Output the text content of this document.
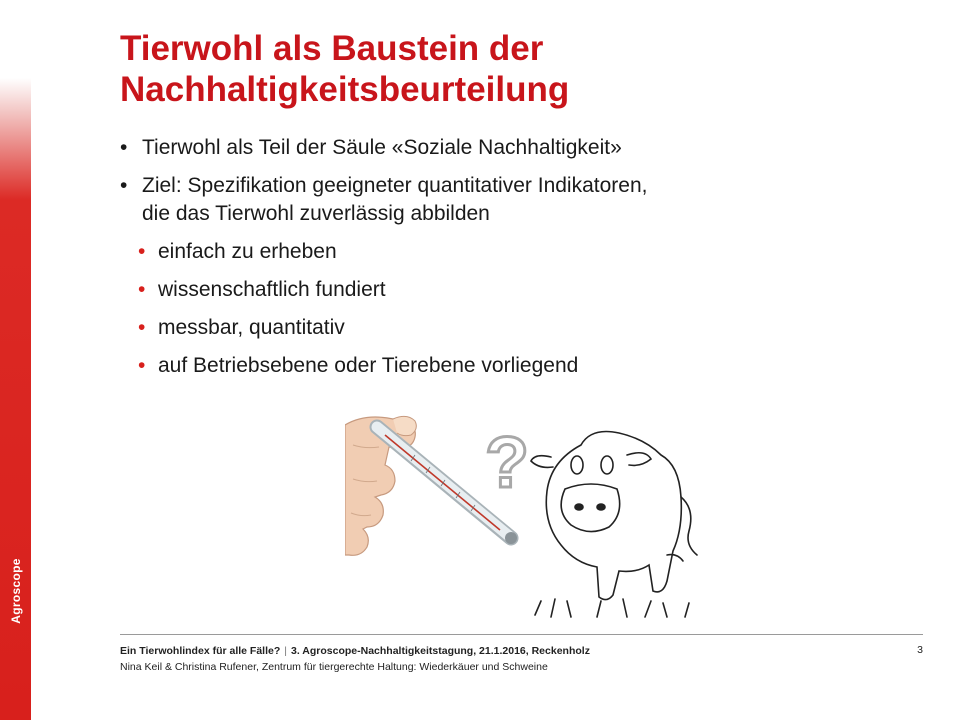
Agroscope
Tierwohl als Baustein der
Nachhaltigkeitsbeurteilung
• Tierwohl als Teil der Säule «Soziale Nachhaltigkeit»
• Ziel: Spezifikation geeigneter quantitativer Indikatoren,
die das Tierwohl zuverlässig abbilden
• einfach zu erheben
• wissenschaftlich fundiert
• messbar, quantitativ
• auf Betriebsebene oder Tierebene vorliegend
?
Ein Tierwohlindex für alle Fälle? | 3. Agroscope-Nachhaltigkeitstagung, 21.1.2016, Reckenholz
Nina Keil & Christina Rufener, Zentrum für tiergerechte Haltung: Wiederkäuer und Schweine
3
